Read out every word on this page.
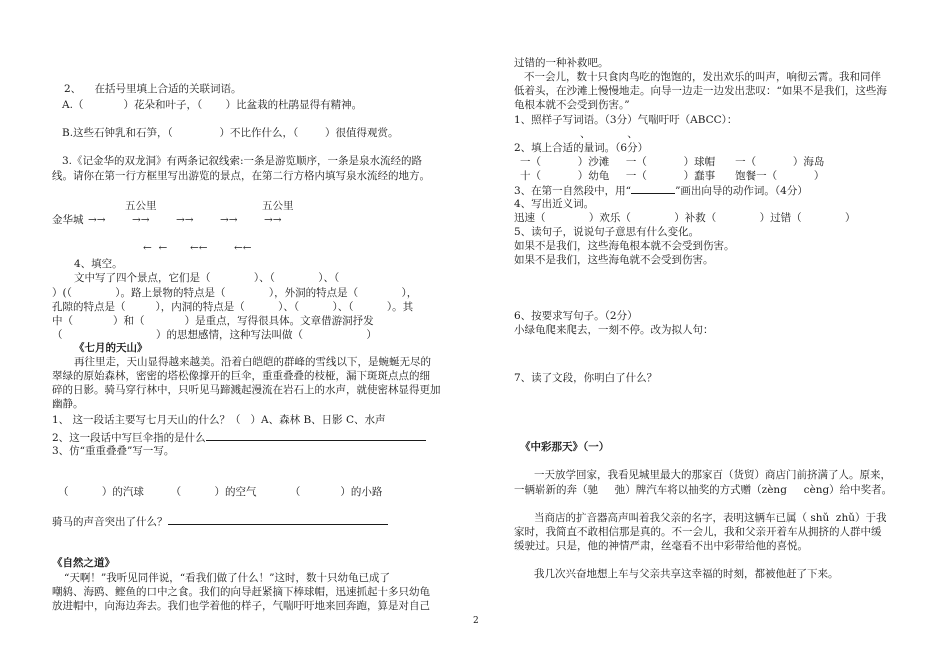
2、    在括号里填上合适的关联词语。
A.（            ）花朵和叶子，（       ）比盆栽的杜鹃显得有精神。
B.这些石钟乳和石笋，（              ）不比作什么，（        ）很值得观赏。
3.《记金华的双龙洞》有两条记叙线索:一条是游览顺序，一条是泉水流经的路
线。请你在第一行方框里写出游览的景点，在第二行方格内填写泉水流经的地方。
五公里	五公里
金华城 →→	→→	→→	→→	→→
←  ← ←←	←←
4、填空。
文中写了四个景点，它们是（             ）、（             ）、（
）(（             ）。路上景物的特点是（             ），外洞的特点是（             ），
孔隙的特点是（         ），内洞的特点是（          ）、（          ）、（          ）。其
中（            ）和（            ）是重点，写得很具体。文章借游洞抒发
（                            ）的思想感情，这种写法叫做（                   ）
《七月的天山》
再往里走，天山显得越来越美。沿着白皑皑的群峰的雪线以下，是蜿蜒无尽的
翠绿的原始森林，密密的塔松像撑开的巨伞，重重叠叠的枝桠，漏下斑斑点点的细
碎的日影。骑马穿行林中，只听见马蹄溅起漫流在岩石上的水声，就使密林显得更加
幽静。
1、 这一段话主要写七月天山的什么？（   ）A、森林 B、日影 C、水声
2、这一段话中写巨伞指的是什么
3、仿“重重叠叠”写一写。
（          ）的汽球        （          ）的空气          （            ）的小路
骑马的声音突出了什么？
《自然之道》
“天啊！”我听见同伴说，“看我们做了什么！”这时，数十只幼龟已成了
嘲鸫、海鸥、鲣鱼的口中之食。我们的向导赶紧摘下棒球帽，迅速抓起十多只幼龟
放进帽中，向海边奔去。我们也学着他的样子，气喘吁吁地来回奔跑，算是对自己
过错的一种补救吧。
不一会儿，数十只食肉鸟吃的饱饱的，发出欢乐的叫声，响彻云霄。我和同伴
低着头，在沙滩上慢慢地走。向导一边走一边发出悲叹：“如果不是我们，这些海
龟根本就不会受到伤害。”
1、照样子写词语。（3分）气喘吁吁（ABCC）：
、           、
2、填上合适的量词。（6分）
一（           ）沙滩     一（           ）球帽      一（           ）海岛
十（           ）幼龟     一（           ）蠢事      饱餐一（           ）
3、在第一自然段中，用“	”画出向导的动作词。（4分）
4、写出近义词。
迅速（             ）欢乐（             ）补救（             ）过错（             ）
5、读句子，说说句子意思有什么变化。
如果不是我们，这些海龟根本就不会受到伤害。
如果不是我们，这些海龟就不会受到伤害。
6、按要求写句子。（2分）
小绿龟爬来爬去，一刻不停。改为拟人句：
7、读了文段，你明白了什么？
《中彩那天》（一）
一天放学回家，我看见城里最大的那家百（货贸）商店门前挤满了人。原来，
一辆崭新的奔（驰     弛）牌汽车将以抽奖的方式赠（zèng     cèng）给中奖者。
当商店的扩音器高声叫着我父亲的名字，表明这辆车已属（ shǔ  zhǔ）于我
家时，我简直不敢相信那是真的。不一会儿，我和父亲开着车从拥挤的人群中缓
缓驶过。只是，他的神情严肃，丝毫看不出中彩带给他的喜悦。
我几次兴奋地想上车与父亲共享这幸福的时刻，都被他赶了下来。
2
